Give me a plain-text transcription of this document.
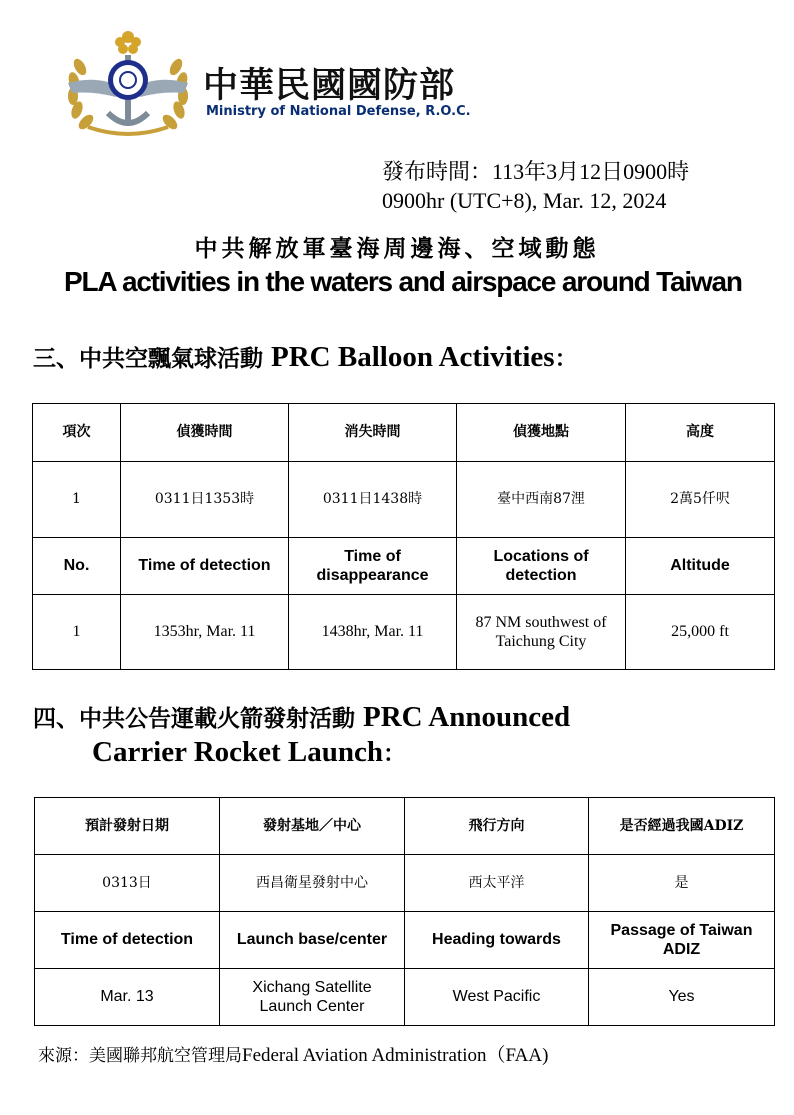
中華民國國防部
Ministry of National Defense, R.O.C.
發布時間：113年3月12日0900時
0900hr (UTC+8), Mar. 12, 2024
中共解放軍臺海周邊海、空域動態
PLA activities in the waters and airspace around Taiwan
三、中共空飄氣球活動 PRC Balloon Activities：
項次	偵獲時間	消失時間	偵獲地點	高度
1	0311日1353時	0311日1438時	臺中西南87浬	2萬5仟呎
No.	Time of detection	Time of disappearance	Locations of detection	Altitude
1	1353hr, Mar. 11	1438hr, Mar. 11	87 NM southwest of Taichung City	25,000 ft
四、中共公告運載火箭發射活動 PRC Announced
Carrier Rocket Launch：
預計發射日期	發射基地／中心	飛行方向	是否經過我國ADIZ
0313日	西昌衛星發射中心	西太平洋	是
Time of detection	Launch base/center	Heading towards	Passage of Taiwan ADIZ
Mar. 13	Xichang Satellite Launch Center	West Pacific	Yes
來源：美國聯邦航空管理局Federal Aviation Administration（FAA)
